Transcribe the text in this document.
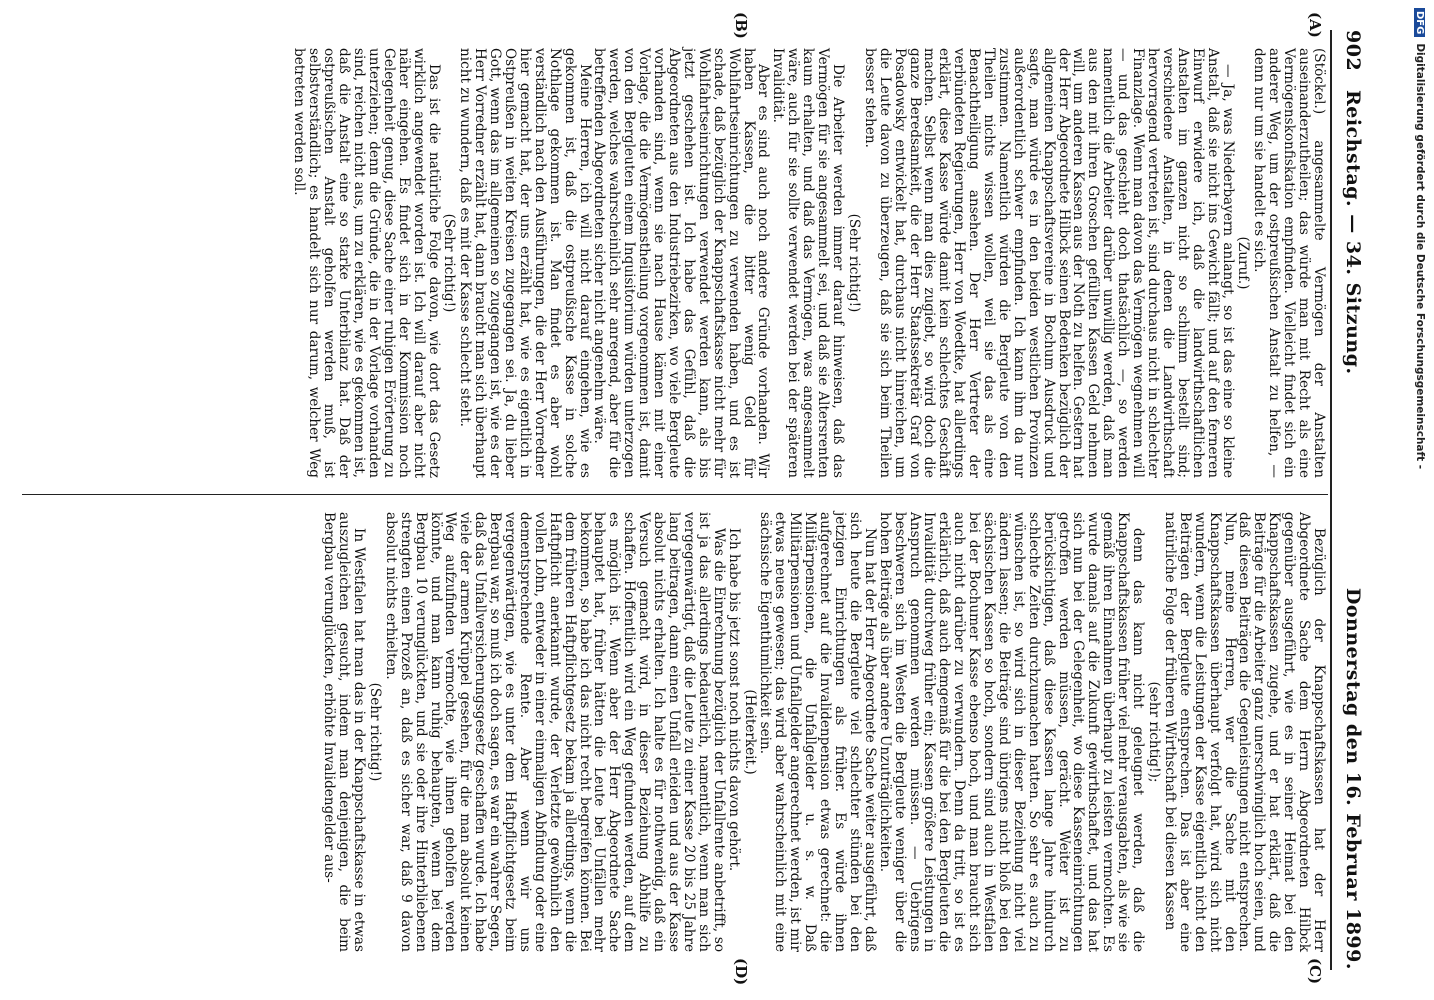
902
Reichstag. — 34. Sitzung.
Donnerstag den 16. Februar 1899.
(A)
(B)
(C)
(D)

(Stöckel.) angesammelte Vermögen der Anstalten auseinanderzutheilen; das würde man mit Recht als eine Vermögenskonfiskation empfinden. Vielleicht findet sich ein anderer Weg, um der ostpreußischen Anstalt zu helfen, — denn nur um sie handelt es sich.

(Zuruf.)

— Ja, was Niederbayern anlangt, so ist das eine so kleine Anstalt, daß sie nicht ins Gewicht fällt; und auf den ferneren Einwurf erwidere ich, daß die landwirthschaftlichen Anstalten im ganzen nicht so schlimm bestellt sind; verschiedene Anstalten, in denen die Landwirthschaft hervorragend vertreten ist, sind durchaus nicht in schlechter Finanzlage. Wenn man davon das Vermögen wegnehmen will — und das geschieht doch thatsächlich —, so werden namentlich die Arbeiter darüber unwillig werden, daß man aus den mit ihren Groschen gefüllten Kassen Geld nehmen will, um anderen Kassen aus der Noth zu helfen. Gestern hat der Herr Abgeordnete Hilbck seinen Bedenken bezüglich der allgemeinen Knappschaftsvereine in Bochum Ausdruck und sagte, man würde es in den beiden westlichen Provinzen außerordentlich schwer empfinden. Ich kann ihm da nur zustimmen. Namentlich würden die Bergleute von den Theilen nichts wissen wollen, weil sie das als eine Benachtheiligung ansehen. Der Herr Vertreter der verbündeten Regierungen, Herr von Woedtke, hat allerdings erklärt, diese Kasse würde damit kein schlechtes Geschäft machen. Selbst wenn man dies zugiebt, so wird doch die ganze Beredsamkeit, die der Herr Staatssekretär Graf von Posadowsky entwickelt hat, durchaus nicht hinreichen, um die Leute davon zu überzeugen, daß sie sich beim Theilen besser stehen.

(Sehr richtig!)

Die Arbeiter werden immer darauf hinweisen, daß das Vermögen für sie angesammelt sei, und daß sie Altersrenten kaum erhalten, und daß das Vermögen, was angesammelt wäre, auch für sie sollte verwendet werden bei der späteren Invalidität.

Aber es sind auch noch andere Gründe vorhanden. Wir haben Kassen, die bitter wenig Geld für Wohlfahrtseinrichtungen zu verwenden haben, und es ist schade, daß bezüglich der Knappschaftskasse nicht mehr für Wohlfahrtseinrichtungen verwendet werden kann, als bis jetzt geschehen ist. Ich habe das Gefühl, daß die Abgeordneten aus den Industriebezirken, wo viele Bergleute vorhanden sind, wenn sie nach Hause kämen mit einer Vorlage, die die Vermögenstheilung vorgenommen ist, damit von den Bergleuten einem Inquisitorium würden unterzogen werden, welches wahrscheinlich sehr anregend, aber für die betreffenden Abgeordneten sicher nicht angenehm wäre.

Meine Herren, ich will nicht darauf eingehen, wie es gekommen ist, daß die ostpreußische Kasse in solche Nothlage gekommen ist. Man findet es aber wohl verständlich nach den Ausführungen, die der Herr Vorredner hier gemacht hat, der uns erzählt hat, wie es eigentlich in Ostpreußen in weiten Kreisen zugegangen sei. Ja, du lieber Gott, wenn das im allgemeinen so zugegangen ist, wie es der Herr Vorredner erzählt hat, dann braucht man sich überhaupt nicht zu wundern, daß es mit der Kasse schlecht steht.

(Sehr richtig!)

Das ist die natürliche Folge davon, wie dort das Gesetz wirklich angewendet worden ist. Ich will darauf aber nicht näher eingehen. Es findet sich in der Kommission noch Gelegenheit genug, diese Sache einer ruhigen Erörterung zu unterziehen; denn die Gründe, die in der Vorlage vorhanden sind, reichen nicht aus, um zu erklären, wie es gekommen ist, daß die Anstalt eine so starke Unterbilanz hat. Daß der ostpreußischen Anstalt geholfen werden muß, ist selbstverständlich; es handelt sich nur darum, welcher Weg betreten werden soll.

Bezüglich der Knappschaftskassen hat der Herr Abgeordnete Sache dem Herrn Abgeordneten Hilbck gegenüber ausgeführt, wie es in seiner Heimat bei den Knappschaftskassen zugehe, und er hat erklärt, daß die Beiträge für die Arbeiter ganz unerschwinglich hoch seien, und daß diesen Beiträgen die Gegenleistungen nicht entsprechen. Nun, meine Herren, wer die Sache mit den Knappschaftskassen überhaupt verfolgt hat, wird sich nicht wundern, wenn die Leistungen der Kasse eigentlich nicht den Beiträgen der Bergleute entsprechen. Das ist aber eine natürliche Folge der früheren Wirthschaft bei diesen Kassen

(sehr richtig!);

denn das kann nicht geleugnet werden, daß die Knappschaftskassen früher viel mehr verausgabten, als wie sie gemäß ihren Einnahmen überhaupt zu leisten vermochten. Es wurde damals auf die Zukunft gewirthschaftet, und das hat sich nun bei der Gelegenheit, wo diese Kasseneinrichtungen getroffen werden müssen, gerächt. Weiter ist zu berücksichtigen, daß diese Kassen lange Jahre hindurch schlechte Zeiten durchzumachen hatten. So sehr es auch zu wünschen ist, so wird sich in dieser Beziehung nicht viel ändern lassen; die Beiträge sind übrigens nicht bloß bei den sächsischen Kassen so hoch, sondern sind auch in Westfalen bei der Bochumer Kasse ebenso hoch, und man braucht sich auch nicht darüber zu verwundern. Denn da tritt, so ist es erklärlich, daß auch demgemäß für die bei den Bergleuten die Invalidität durchweg früher ein; Kassen größere Leistungen in Anspruch genommen werden müssen. — Uebrigens beschweren sich im Westen die Bergleute weniger über die hohen Beiträge als über andere Unzuträglichkeiten.

Nun hat der Herr Abgeordnete Sache weiter ausgeführt, daß sich heute die Bergleute viel schlechter stünden bei den jetzigen Einrichtungen als früher. Es würde ihnen aufgerechnet auf die Invalidenpension etwas gerechnet: die Militärpensionen, die Unfallgelder u. s. w. Daß Militärpensionen und Unfallgelder angerechnet werden, ist mir etwas neues gewesen; das wird aber wahrscheinlich mit eine sächsische Eigenthümlichkeit sein.

(Heiterkeit.)

Ich habe bis jetzt sonst noch nichts davon gehört.

Was die Einrechnung bezüglich der Unfallrente anbetrifft, so ist ja das allerdings bedauerlich, namentlich, wenn man sich vergegenwärtigt, daß die Leute zu einer Kasse 20 bis 25 Jahre lang beitragen, dann einen Unfall erleiden und aus der Kasse absolut nichts erhalten. Ich halte es für nothwendig, daß ein Versuch gemacht wird, in dieser Beziehung Abhilfe zu schaffen. Hoffentlich wird ein Weg gefunden werden, auf dem es möglich ist. Wenn aber der Herr Abgeordnete Sache behauptet hat, früher hätten die Leute bei Unfällen mehr bekommen, so habe ich das nicht recht begreifen können. Bei dem früheren Haftpflichtgesetz bekam ja allerdings, wenn die Haftpflicht anerkannt wurde, der Verletzte gewöhnlich den vollen Lohn, entweder in einer einmaligen Abfindung oder eine dementsprechende Rente. Aber wenn wir uns vergegenwärtigen, wie es unter dem Haftpflichtgesetz beim Bergbau war, so muß ich doch sagen, es war ein wahrer Segen, daß das Unfallversicherungsgesetz geschaffen wurde. Ich habe viele der armen Krüppel gesehen, für die man absolut keinen Weg aufzufinden vermochte, wie ihnen geholfen werden könnte, und man kann ruhig behaupten, wenn bei dem Bergbau 10 verunglückten, und sie oder ihre Hinterbliebenen strengten einen Prozeß an, daß es sicher war, daß 9 davon absolut nichts erhielten.

(Sehr richtig!)

In Westfalen hat man das in der Knappschaftskasse in etwas auszugleichen gesucht, indem man denjenigen, die beim Bergbau verunglückten, erhöhte Invalidengelder aus-

DFGDigitalisierung gefördert durch die Deutsche Forschungsgemeinschaft -
